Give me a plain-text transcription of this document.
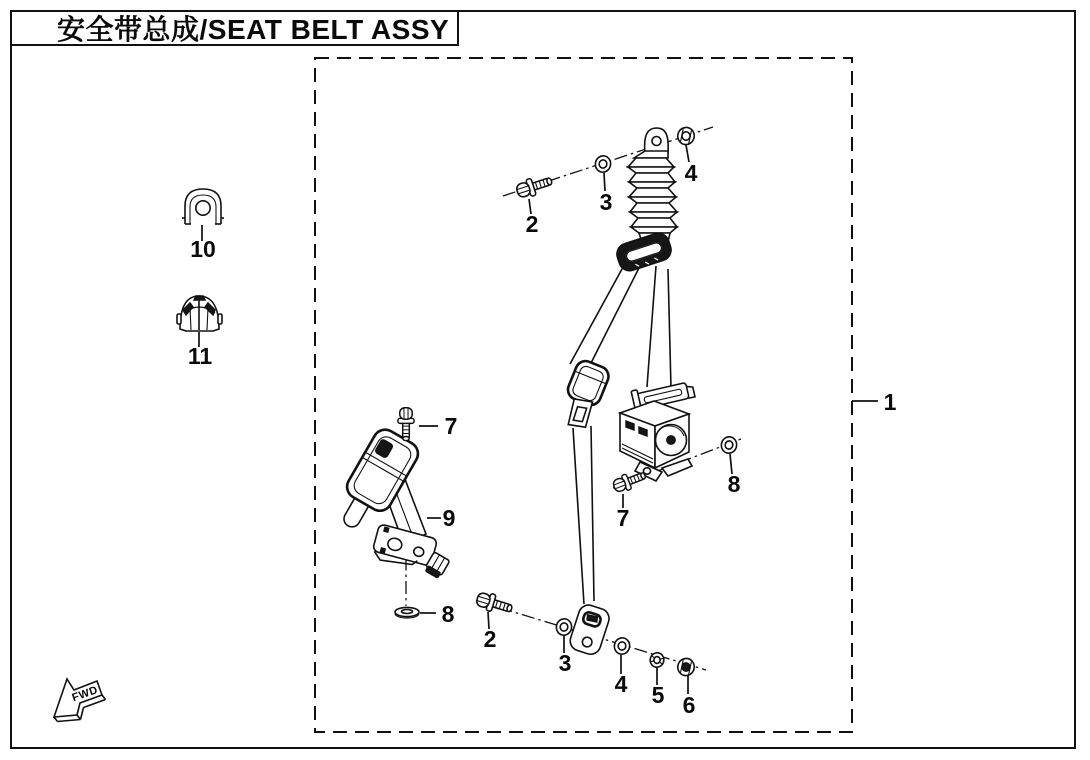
FWD
1
2
3
4
7
9
8
7
8
2
3
4 5 6
10
11
安全带总成/SEAT BELT ASSY
